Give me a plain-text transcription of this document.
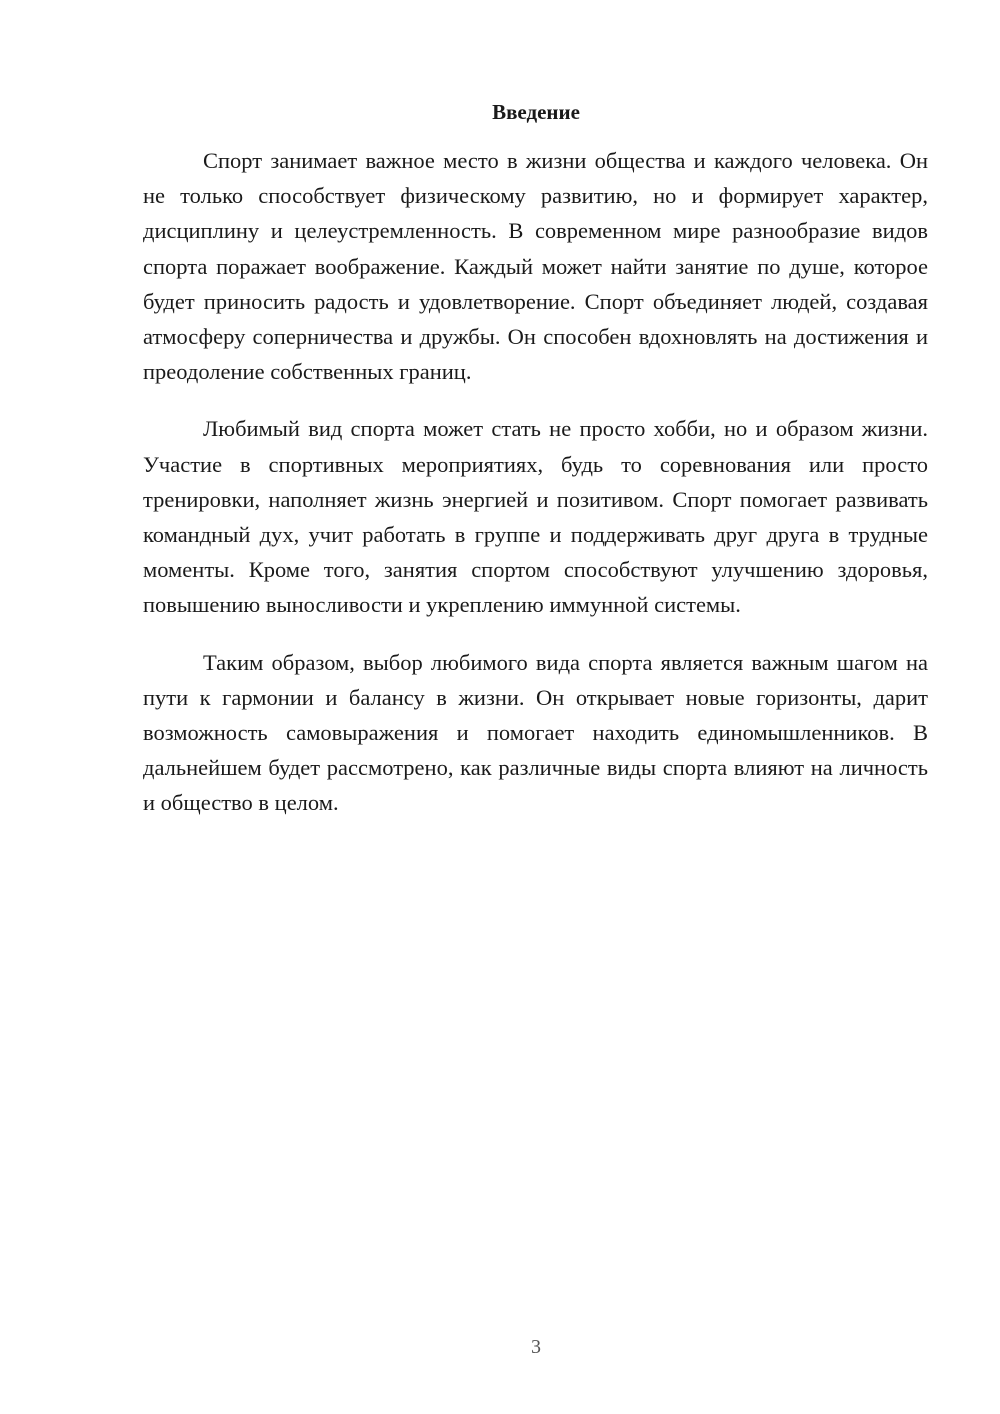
Введение

Спорт занимает важное место в жизни общества и каждого человека. Он не только способствует физическому развитию, но и формирует характер, дисциплину и целеустремленность. В современном мире разнообразие видов спорта поражает воображение. Каждый может найти занятие по душе, которое будет приносить радость и удовлетворение. Спорт объединяет людей, создавая атмосферу соперничества и дружбы. Он способен вдохновлять на достижения и преодоление собственных границ.

Любимый вид спорта может стать не просто хобби, но и образом жизни. Участие в спортивных мероприятиях, будь то соревнования или просто тренировки, наполняет жизнь энергией и позитивом. Спорт помогает развивать командный дух, учит работать в группе и поддерживать друг друга в трудные моменты. Кроме того, занятия спортом способствуют улучшению здоровья, повышению выносливости и укреплению иммунной системы.

Таким образом, выбор любимого вида спорта является важным шагом на пути к гармонии и балансу в жизни. Он открывает новые горизонты, дарит возможность самовыражения и помогает находить единомышленников. В дальнейшем будет рассмотрено, как различные виды спорта влияют на личность и общество в целом.

3
